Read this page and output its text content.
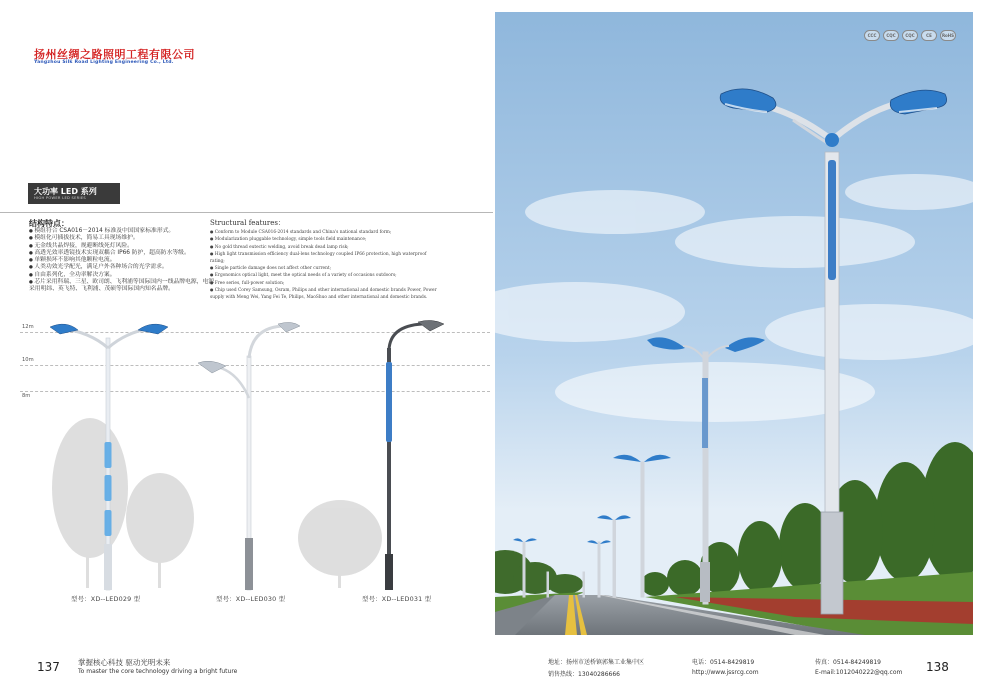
扬州丝绸之路照明工程有限公司
Yangzhou Silk Road Lighting Engineering Co., Ltd.
大功率 LED 系列
HIGH POWER LED SERIES
结构特点：
● 模组符合 CSA016－2014 标准及中国国家标准形式。
● 模组化可插拔技术，简易工具现场维护。
● 无金线共晶焊接，规避断线死灯风险。
● 高透光效率透镜技术实现双耦合 IP66 防护，超高防水等级。
● 单颗损坏不影响其他颗粒电流。
● 人类功效光学配光，满足户外各种场合的光学需求。
● 自由系列化，全功率解决方案。
● 芯片采用科瑞、三星、欧司朗、飞利浦等国际国内一线品牌电源，电源采用明纬、英飞特、飞利浦、茂硕等国际国内知名品牌。
Structural features：
● Conform to Module CSA016-2014 standards and China's national standard form;
● Modularization pluggable technology, simple tools field maintenance;
● No gold thread eutectic welding, avoid break dead lamp risk;
● High light transmission efficiency dual-lens technology coupled IP66 protection, high waterproof rating;
● Single particle damage does not affect other current;
● Ergonomics optical light, meet the optical needs of a variety of occasions outdoors;
● Free series, full-power solution;
● Chip used Corey Samsung, Osram, Philips and other international and domestic brands Power, Power supply with Meng Wei, Yang Fei Te, Philips, MaoShuo and other international and domestic brands.
12m
10m
8m
型号：XD--LED029 型	型号：XD--LED030 型	型号：XD--LED031 型
CCC	CQC	CQC	CE	RoHS
137 掌握核心科技 驱动光明未来
To master the core technology driving a bright future
地址：扬州市送桥镇郭集工业集中区
销售热线：13040286666
电话：0514-8429819
http://www.jssrcg.com
传真：0514-84249819
E-mail:1012040222@qq.com 138
